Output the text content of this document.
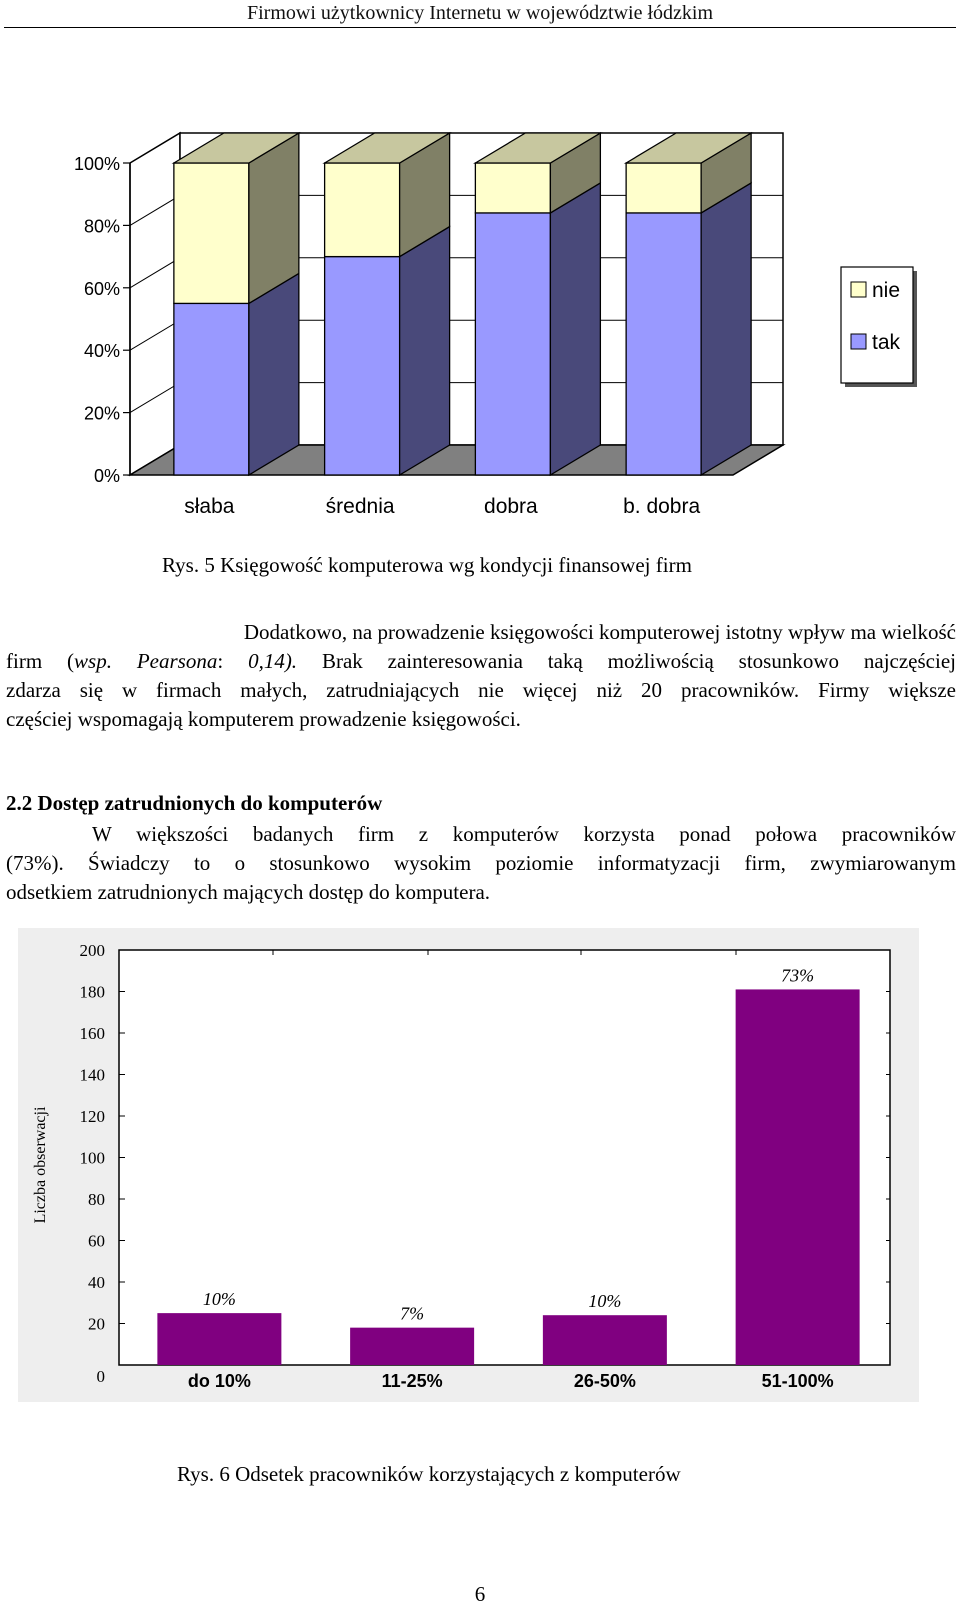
Firmowi użytkownicy Internetu w województwie łódzkim
0%
20%
40%
60%
80%
100%
słaba	średnia	dobra	b. dobra
nie
tak
Rys. 5 Księgowość komputerowa wg kondycji finansowej firm

Dodatkowo, na prowadzenie księgowości komputerowej istotny wpływ ma wielkość

firm (wsp. Pearsona: 0,14). Brak zainteresowania taką możliwością stosunkowo najczęściej

zdarza się w firmach małych, zatrudniających nie więcej niż 20 pracowników. Firmy większe

częściej wspomagają komputerem prowadzenie księgowości.

2.2 Dostęp zatrudnionych do komputerów

W większości badanych firm z komputerów korzysta ponad połowa pracowników

(73%). Świadczy to o stosunkowo wysokim poziomie informatyzacji firm, zwymiarowanym

odsetkiem zatrudnionych mających dostęp do komputera.

0
20
40
60
80
100
120
140
160
180
200
Liczba obserwacji
10%
do 10%
7%
11-25%
10%
26-50%
73%
51-100%
Rys. 6 Odsetek pracowników korzystających z komputerów
6
